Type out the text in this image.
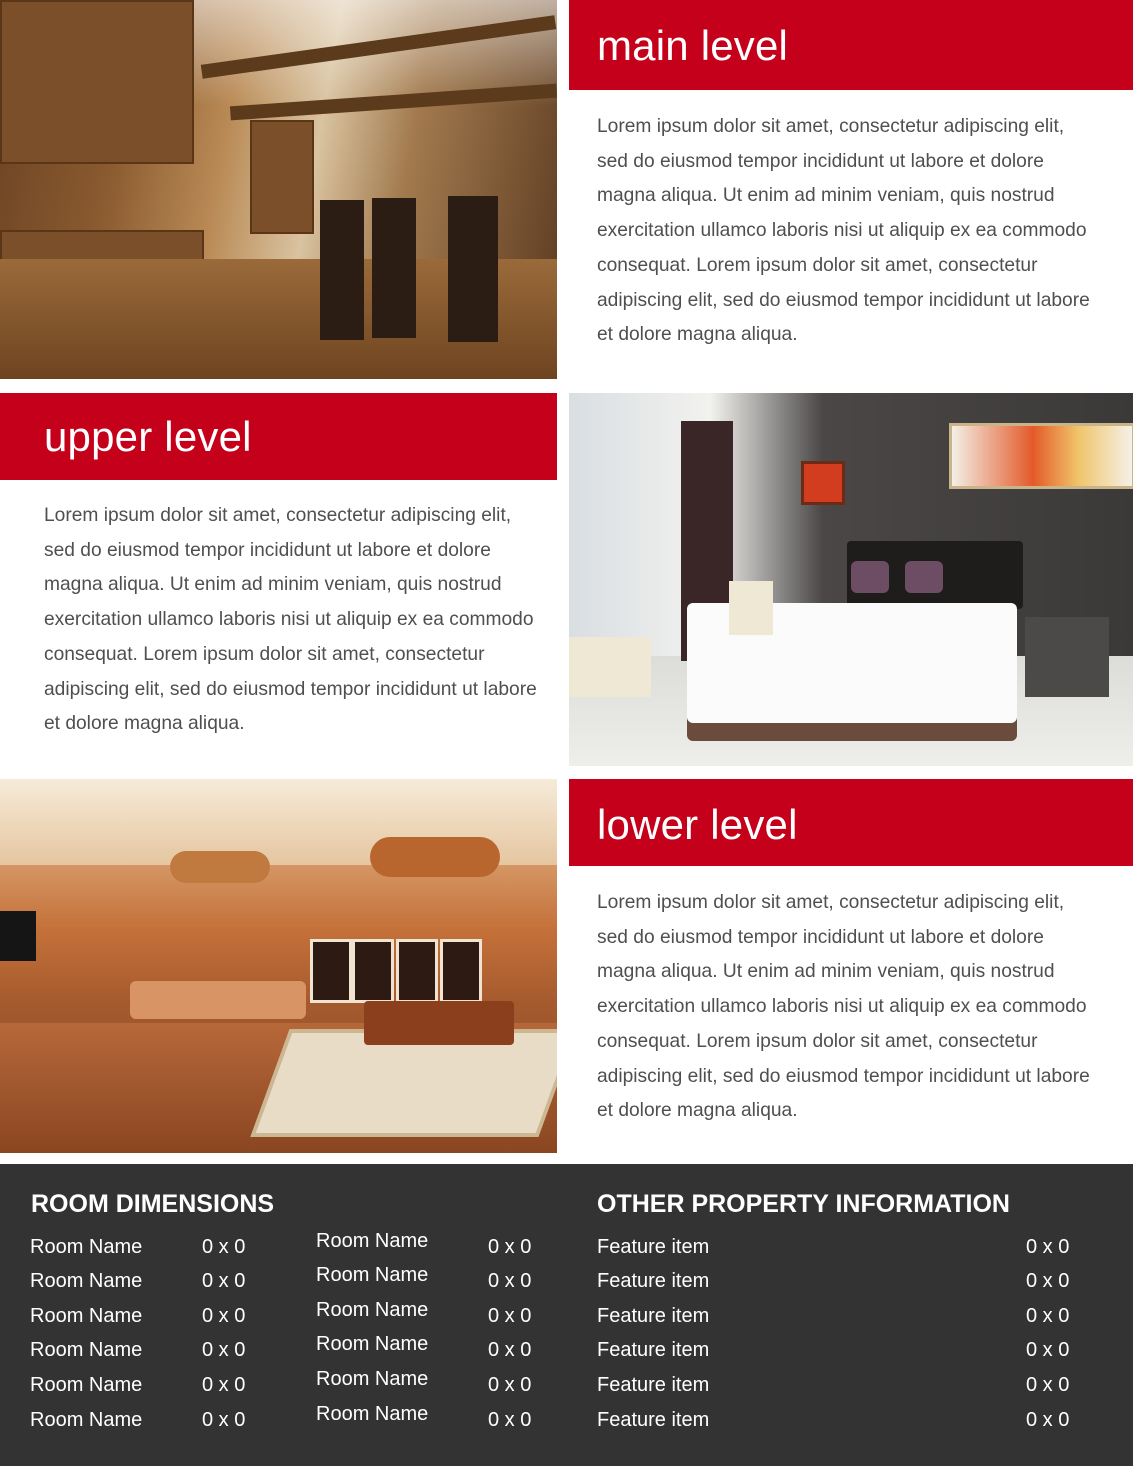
main level

Lorem ipsum dolor sit amet, consectetur adipiscing elit, sed do eiusmod tempor incididunt ut labore et dolore magna aliqua. Ut enim ad minim veniam, quis nostrud exercitation ullamco laboris nisi ut aliquip ex ea commodo consequat. Lorem ipsum dolor sit amet, consectetur adipiscing elit, sed do eiusmod tempor incididunt ut labore et dolore magna aliqua.

upper level

Lorem ipsum dolor sit amet, consectetur adipiscing elit, sed do eiusmod tempor incididunt ut labore et dolore magna aliqua. Ut enim ad minim veniam, quis nostrud exercitation ullamco laboris nisi ut aliquip ex ea commodo consequat. Lorem ipsum dolor sit amet, consectetur adipiscing elit, sed do eiusmod tempor incididunt ut labore et dolore magna aliqua.

lower level

Lorem ipsum dolor sit amet, consectetur adipiscing elit, sed do eiusmod tempor incididunt ut labore et dolore magna aliqua. Ut enim ad minim veniam, quis nostrud exercitation ullamco laboris nisi ut aliquip ex ea commodo consequat. Lorem ipsum dolor sit amet, consectetur adipiscing elit, sed do eiusmod tempor incididunt ut labore et dolore magna aliqua.

ROOM DIMENSIONS	OTHER PROPERTY INFORMATION
Room Name	0 x 0
Room Name	0 x 0
Room Name	0 x 0
Room Name	0 x 0
Room Name	0 x 0
Room Name	0 x 0
Room Name	0 x 0
Room Name	0 x 0
Room Name	0 x 0
Room Name	0 x 0
Room Name	0 x 0
Room Name	0 x 0
Feature item	0 x 0
Feature item	0 x 0
Feature item	0 x 0
Feature item	0 x 0
Feature item	0 x 0
Feature item	0 x 0
